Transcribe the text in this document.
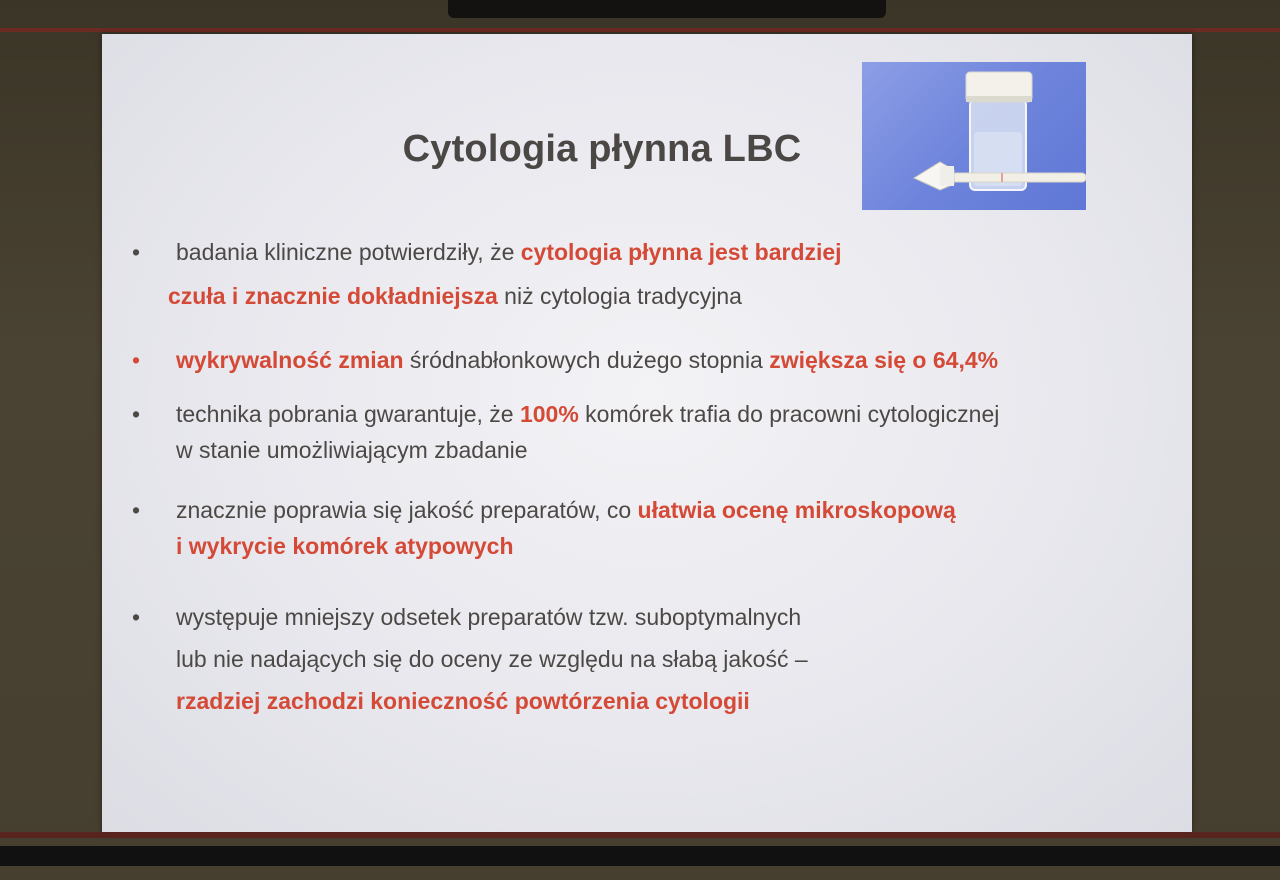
Cytologia płynna LBC
• badania kliniczne potwierdziły, że cytologia płynna jest bardziej
czuła i znacznie dokładniejsza niż cytologia tradycyjna
• wykrywalność zmian śródnabłonkowych dużego stopnia zwiększa się o 64,4%
• technika pobrania gwarantuje, że 100% komórek trafia do pracowni cytologicznej
w stanie umożliwiającym zbadanie
• znacznie poprawia się jakość preparatów, co ułatwia ocenę mikroskopową
i wykrycie komórek atypowych
• występuje mniejszy odsetek preparatów tzw. suboptymalnych
lub nie nadających się do oceny ze względu na słabą jakość –
rzadziej zachodzi konieczność powtórzenia cytologii
